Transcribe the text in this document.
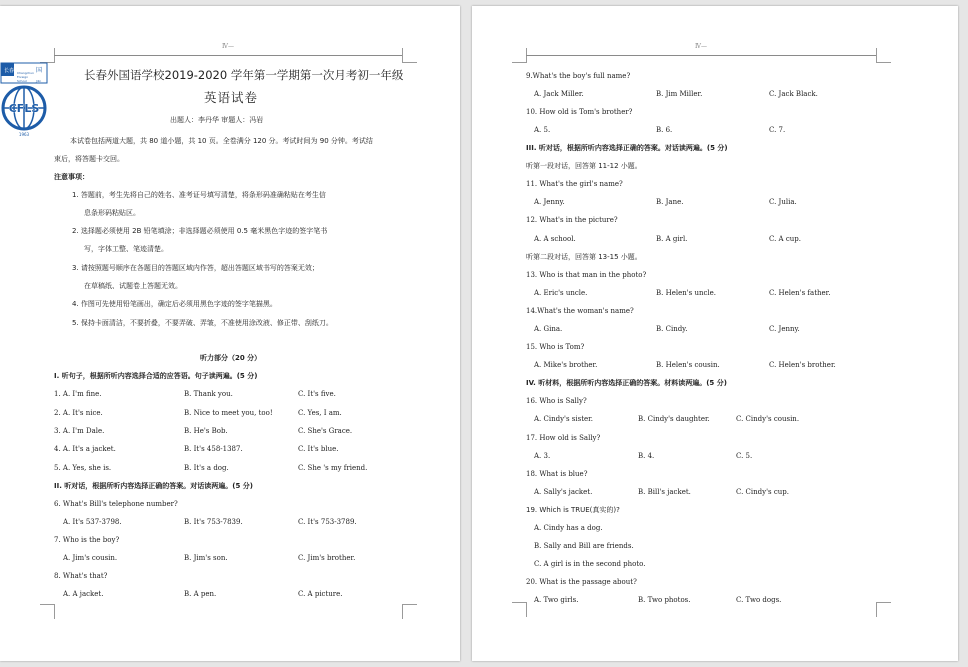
Ⅳ—
长春外	国
Changchun
Foreign
School	Jilin
CFLS
1963
长春外国语学校2019-2020 学年第一学期第一次月考初一年级
英语试卷
出题人：李丹华 审题人：冯岩
本试卷包括两道大题，共 80 道小题，共 10 页。全卷满分 120 分。考试时间为 90 分钟。考试结
束后，将答题卡交回。
注意事项：
1. 答题前，考生先将自己的姓名、准考证号填写清楚，将条形码准确粘贴在考生信
息条形码粘贴区。
2. 选择题必须使用 2B 铅笔填涂；非选择题必须使用 0.5 毫米黑色字迹的签字笔书
写，字体工整、笔迹清楚。
3. 请按照题号顺序在各题目的答题区域内作答，超出答题区域书写的答案无效；
在草稿纸、试题卷上答题无效。
4. 作图可先使用铅笔画出，确定后必须用黑色字迹的签字笔描黑。
5. 保持卡面清洁，不要折叠，不要弄破、弄皱，不准使用涂改液、修正带、刮纸刀。
听力部分（20 分）
I. 听句子，根据所听内容选择合适的应答语。句子读两遍。(5 分)
1. A. I'm fine.	B. Thank you.	C. It's five.
2. A. It's nice.	B. Nice to meet you, too!	C. Yes, I am.
3. A. I'm Dale.	B. He's Bob.	C. She's Grace.
4. A. It's a jacket.	B. It's 458-1387.	C. It's blue.
5. A. Yes, she is.	B. It's a dog.	C. She 's my friend.
II. 听对话，根据所听内容选择正确的答案。对话读两遍。(5 分)
6. What's Bill's telephone number?
A. It's 537-3798.	B. It's 753-7839.	C. It's 753-3789.
7. Who is the boy?
A. Jim's cousin.	B. Jim's son.	C. Jim's brother.
8. What's that?
A. A jacket.	B. A pen.	C. A picture.
Ⅳ—
9.What's the boy's full name?
A. Jack Miller.	B. Jim Miller.	C. Jack Black.
10. How old is Tom's brother?
A. 5.	B. 6.	C. 7.
III. 听对话，根据所听内容选择正确的答案。对话读两遍。(5 分)
听第一段对话，回答第 11-12 小题。
11. What's the girl's name?
A. Jenny.	B. Jane.	C. Julia.
12. What's in the picture?
A. A school.	B. A girl.	C. A cup.
听第二段对话，回答第 13-15 小题。
13. Who is that man in the photo?
A. Eric's uncle.	B. Helen's uncle.	C. Helen's father.
14.What's the woman's name?
A. Gina.	B. Cindy.	C. Jenny.
15. Who is Tom?
A. Mike's brother.	B. Helen's cousin.	C. Helen's brother.
IV. 听材料，根据所听内容选择正确的答案。材料读两遍。(5 分)
16. Who is Sally?
A. Cindy's sister.	B. Cindy's daughter.	C. Cindy's cousin.
17. How old is Sally?
A. 3.	B. 4.	C. 5.
18. What is blue?
A. Sally's jacket.	B. Bill's jacket.	C. Cindy's cup.
19. Which is TRUE(真实的)?
A. Cindy has a dog.
B. Sally and Bill are friends.
C. A girl is in the second photo.
20. What is the passage about?
A. Two girls.	B. Two photos.	C. Two dogs.
